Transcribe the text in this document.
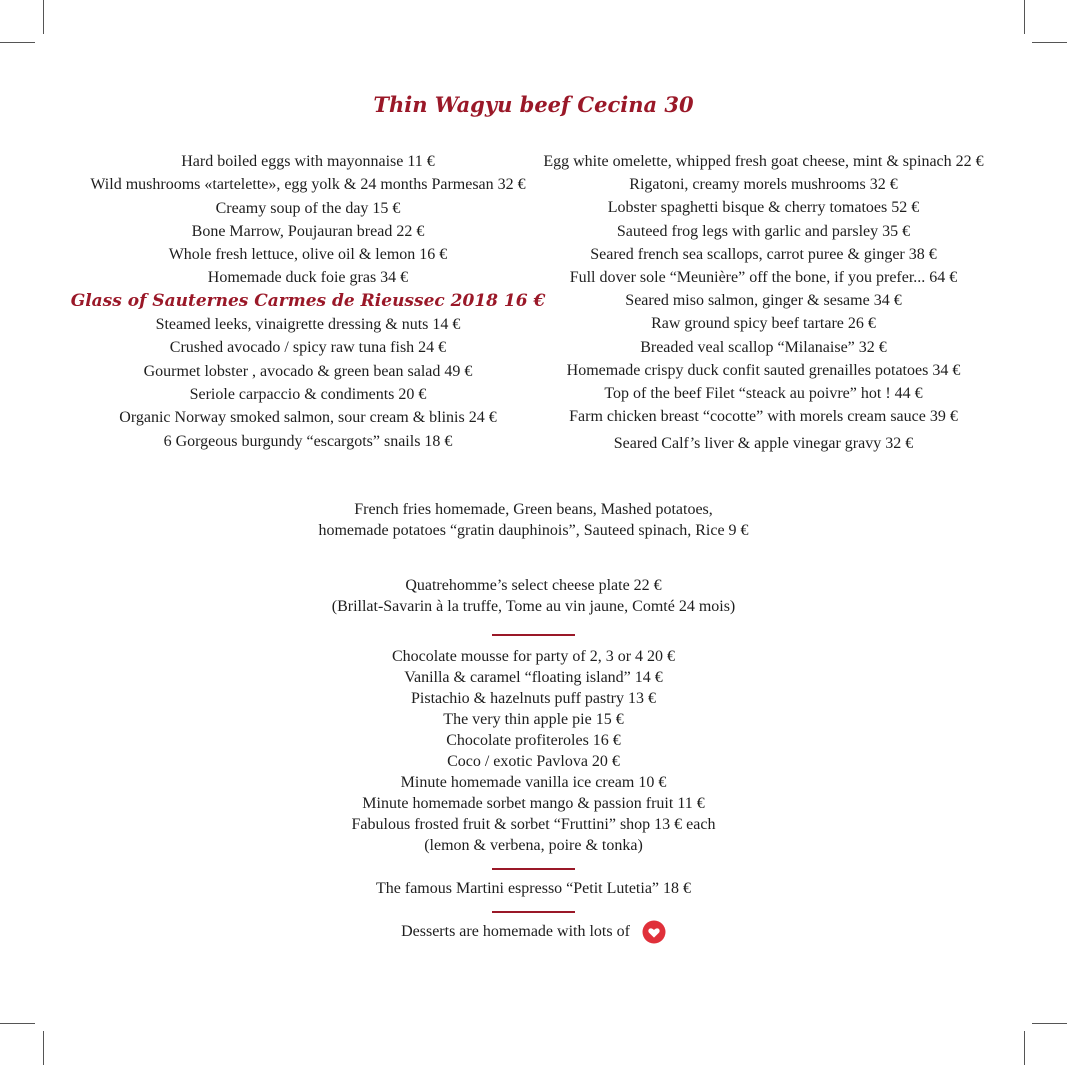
Thin Wagyu beef Cecina 30
Hard boiled eggs with mayonnaise 11 €
Wild mushrooms «tartelette», egg yolk & 24 months Parmesan 32 €
Creamy soup of the day 15 €
Bone Marrow, Poujauran bread 22 €
Whole fresh lettuce, olive oil & lemon 16 €
Homemade duck foie gras 34 €
Glass of Sauternes Carmes de Rieussec 2018 16 €
Steamed leeks, vinaigrette dressing & nuts 14 €
Crushed avocado / spicy raw tuna fish 24 €
Gourmet lobster , avocado & green bean salad 49 €
Seriole carpaccio & condiments 20 €
Organic Norway smoked salmon, sour cream & blinis 24 €
6 Gorgeous burgundy “escargots” snails 18 €
Egg white omelette, whipped fresh goat cheese, mint & spinach 22 €
Rigatoni, creamy morels mushrooms 32 €
Lobster spaghetti bisque & cherry tomatoes 52 €
Sauteed frog legs with garlic and parsley 35 €
Seared french sea scallops, carrot puree & ginger 38 €
Full dover sole “Meunière” off the bone, if you prefer... 64 €
Seared miso salmon, ginger & sesame 34 €
Raw ground spicy beef tartare 26 €
Breaded veal scallop “Milanaise” 32 €
Homemade crispy duck confit sauted grenailles potatoes 34 €
Top of the beef Filet “steack au poivre” hot ! 44 €
Farm chicken breast “cocotte” with morels cream sauce 39 €
Seared Calf’s liver & apple vinegar gravy 32 €
French fries homemade, Green beans, Mashed potatoes,
homemade potatoes “gratin dauphinois”, Sauteed spinach, Rice 9 €
Quatrehomme’s select cheese plate 22 €
(Brillat-Savarin à la truffe, Tome au vin jaune, Comté 24 mois)
Chocolate mousse for party of 2, 3 or 4 20 €
Vanilla & caramel “floating island” 14 €
Pistachio & hazelnuts puff pastry 13 €
The very thin apple pie 15 €
Chocolate profiteroles 16 €
Coco / exotic Pavlova 20 €
Minute homemade vanilla ice cream 10 €
Minute homemade sorbet mango & passion fruit 11 €
Fabulous frosted fruit & sorbet “Fruttini” shop 13 € each
(lemon & verbena, poire & tonka)
The famous Martini espresso “Petit Lutetia” 18 €
Desserts are homemade with lots of
